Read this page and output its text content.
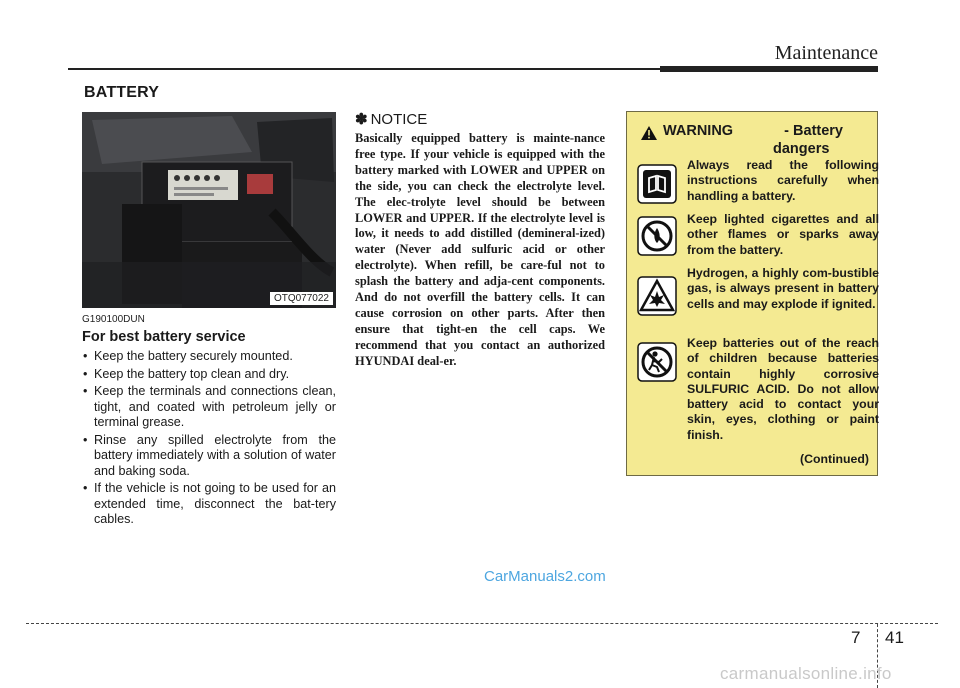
Maintenance
BATTERY
OTQ077022
G190100DUN
For best battery service
• Keep the battery securely mounted.
• Keep the battery top clean and dry.
• Keep the terminals and connections clean, tight, and coated with petroleum jelly or terminal grease.
• Rinse any spilled electrolyte from the battery immediately with a solution of water and baking soda.
• If the vehicle is not going to be used for an extended time, disconnect the bat-tery cables.
✽ NOTICE

Basically equipped battery is mainte-nance free type. If your vehicle is equipped with the battery marked with LOWER and UPPER on the side, you can check the electrolyte level. The elec-trolyte level should be between LOWER and UPPER. If the electrolyte level is low, it needs to add distilled (demineral-ized) water (Never add sulfuric acid or other electrolyte). When refill, be care-ful not to splash the battery and adja-cent components. And do not overfill the battery cells. It can cause corrosion on other parts. After then ensure that tight-en the cell caps. We recommend that you contact an authorized HYUNDAI deal-er.

WARNING	- Battery
dangers
Always read the following instructions carefully when handling a battery.
Keep lighted cigarettes and all other flames or sparks away from the battery.
Hydrogen, a highly com-bustible gas, is always present in battery cells and may explode if ignited.
Keep batteries out of the reach of children because batteries contain highly corrosive SULFURIC ACID. Do not allow battery acid to contact your skin, eyes, clothing or paint finish.
(Continued)
CarManuals2.com
7 41
carmanualsonline.info
